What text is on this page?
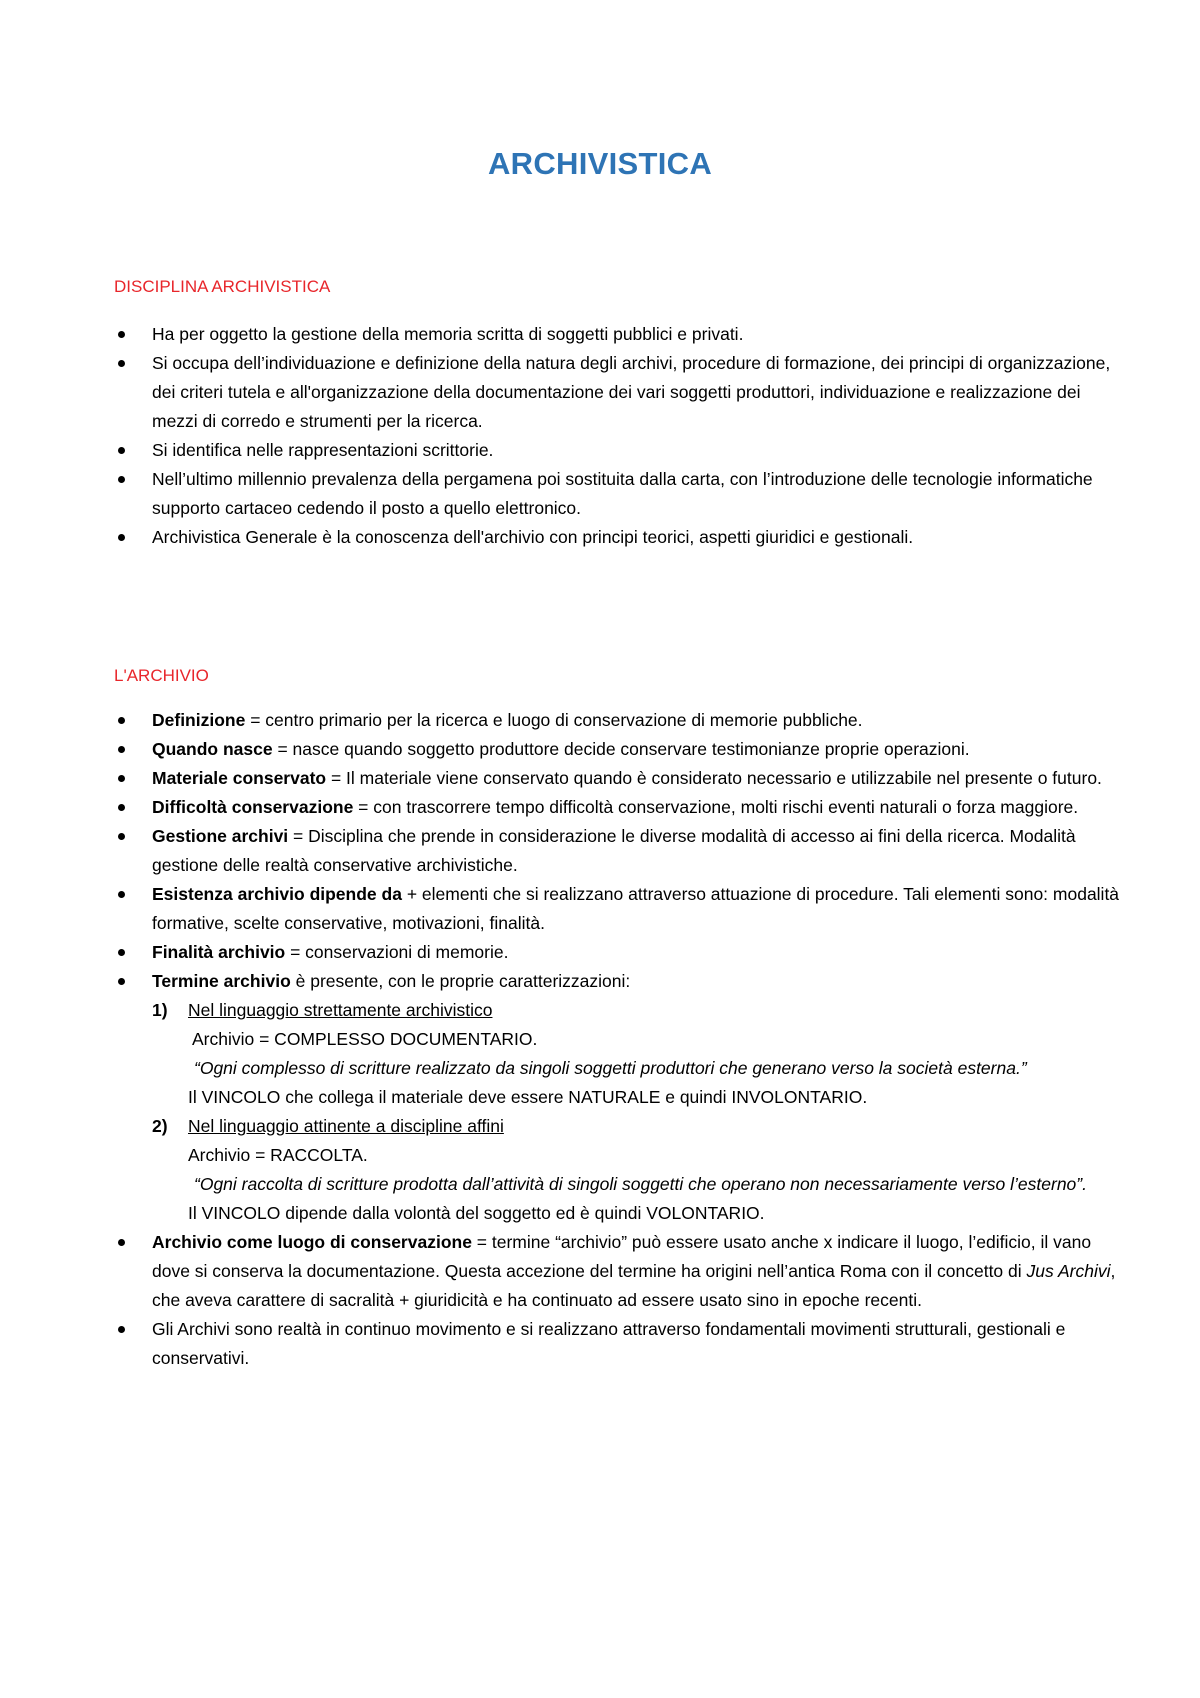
ARCHIVISTICA
DISCIPLINA ARCHIVISTICA
Ha per oggetto la gestione della memoria scritta di soggetti pubblici e privati.
Si occupa dell’individuazione e definizione della natura degli archivi, procedure di formazione, dei principi di organizzazione, dei criteri tutela e all'organizzazione della documentazione dei vari soggetti produttori, individuazione e realizzazione dei mezzi di corredo e strumenti per la ricerca.
Si identifica nelle rappresentazioni scrittorie.
Nell’ultimo millennio prevalenza della pergamena poi sostituita dalla carta, con l’introduzione delle tecnologie informatiche supporto cartaceo cedendo il posto a quello elettronico.
Archivistica Generale è la conoscenza dell'archivio con principi teorici, aspetti giuridici e gestionali.
L'ARCHIVIO
Definizione = centro primario per la ricerca e luogo di conservazione di memorie pubbliche.
Quando nasce = nasce quando soggetto produttore decide conservare testimonianze proprie operazioni.
Materiale conservato = Il materiale viene conservato quando è considerato necessario e utilizzabile nel presente o futuro.
Difficoltà conservazione = con trascorrere tempo difficoltà conservazione, molti rischi eventi naturali o forza maggiore.
Gestione archivi = Disciplina che prende in considerazione le diverse modalità di accesso ai fini della ricerca. Modalità gestione delle realtà conservative archivistiche.
Esistenza archivio dipende da + elementi che si realizzano attraverso attuazione di procedure. Tali elementi sono: modalità formative, scelte conservative, motivazioni, finalità.
Finalità archivio = conservazioni di memorie.
Termine archivio è presente, con le proprie caratterizzazioni:
1) Nel linguaggio strettamente archivistico
Archivio = COMPLESSO DOCUMENTARIO.
“Ogni complesso di scritture realizzato da singoli soggetti produttori che generano verso la società esterna.”
Il VINCOLO che collega il materiale deve essere NATURALE e quindi INVOLONTARIO.
2) Nel linguaggio attinente a discipline affini
Archivio = RACCOLTA.
“Ogni raccolta di scritture prodotta dall’attività di singoli soggetti che operano non necessariamente verso l’esterno”.
Il VINCOLO dipende dalla volontà del soggetto ed è quindi VOLONTARIO.
Archivio come luogo di conservazione = termine “archivio” può essere usato anche x indicare il luogo, l’edificio, il vano dove si conserva la documentazione. Questa accezione del termine ha origini nell’antica Roma con il concetto di Jus Archivi, che aveva carattere di sacralità + giuridicità e ha continuato ad essere usato sino in epoche recenti.
Gli Archivi sono realtà in continuo movimento e si realizzano attraverso fondamentali movimenti strutturali, gestionali e conservativi.
